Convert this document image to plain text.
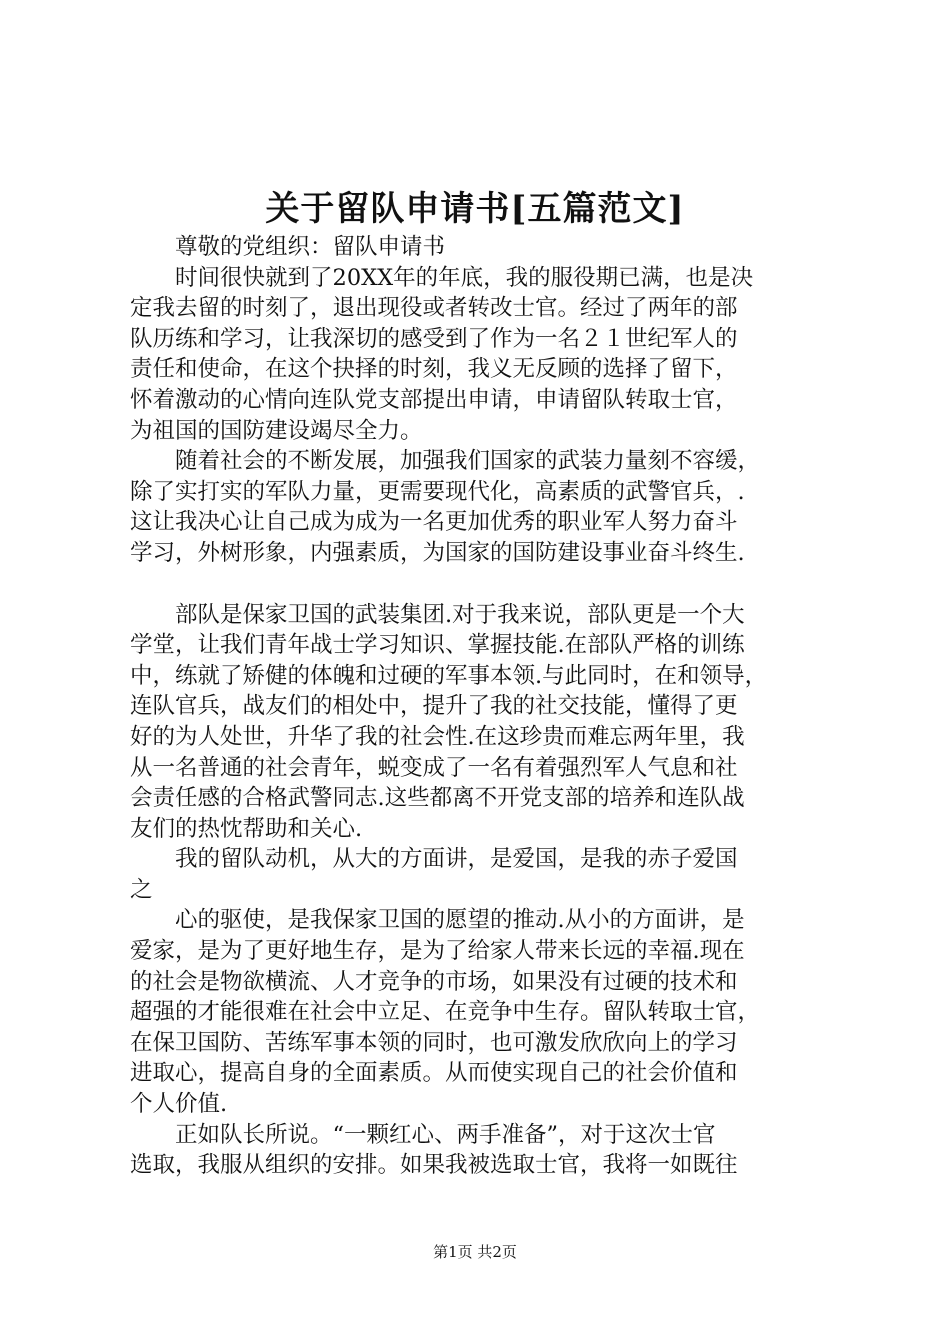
关于留队申请书[五篇范文]

　　尊敬的党组织：留队申请书

　　时间很快就到了20XX年的年底，我的服役期已满，也是决

定我去留的时刻了，退出现役或者转改士官。经过了两年的部

队历练和学习，让我深切的感受到了作为一名２１世纪军人的

责任和使命，在这个抉择的时刻，我义无反顾的选择了留下，

怀着激动的心情向连队党支部提出申请，申请留队转取士官，

为祖国的国防建设竭尽全力。

　　随着社会的不断发展，加强我们国家的武装力量刻不容缓，

除了实打实的军队力量，更需要现代化，高素质的武警官兵，.

这让我决心让自己成为成为一名更加优秀的职业军人努力奋斗

学习，外树形象，内强素质，为国家的国防建设事业奋斗终生.

　　部队是保家卫国的武装集团.对于我来说，部队更是一个大

学堂，让我们青年战士学习知识、掌握技能.在部队严格的训练

中，练就了矫健的体魄和过硬的军事本领.与此同时，在和领导，

连队官兵，战友们的相处中，提升了我的社交技能，懂得了更

好的为人处世，升华了我的社会性.在这珍贵而难忘两年里，我

从一名普通的社会青年，蜕变成了一名有着强烈军人气息和社

会责任感的合格武警同志.这些都离不开党支部的培养和连队战

友们的热忱帮助和关心.

　　我的留队动机，从大的方面讲，是爱国，是我的赤子爱国

之

　　心的驱使，是我保家卫国的愿望的推动.从小的方面讲，是

爱家，是为了更好地生存，是为了给家人带来长远的幸福.现在

的社会是物欲横流、人才竞争的市场，如果没有过硬的技术和

超强的才能很难在社会中立足、在竞争中生存。留队转取士官，

在保卫国防、苦练军事本领的同时，也可激发欣欣向上的学习

进取心，提高自身的全面素质。从而使实现自己的社会价值和

个人价值.

　　正如队长所说。“一颗红心、两手准备”，对于这次士官

选取，我服从组织的安排。如果我被选取士官，我将一如既往

第1页 共2页
